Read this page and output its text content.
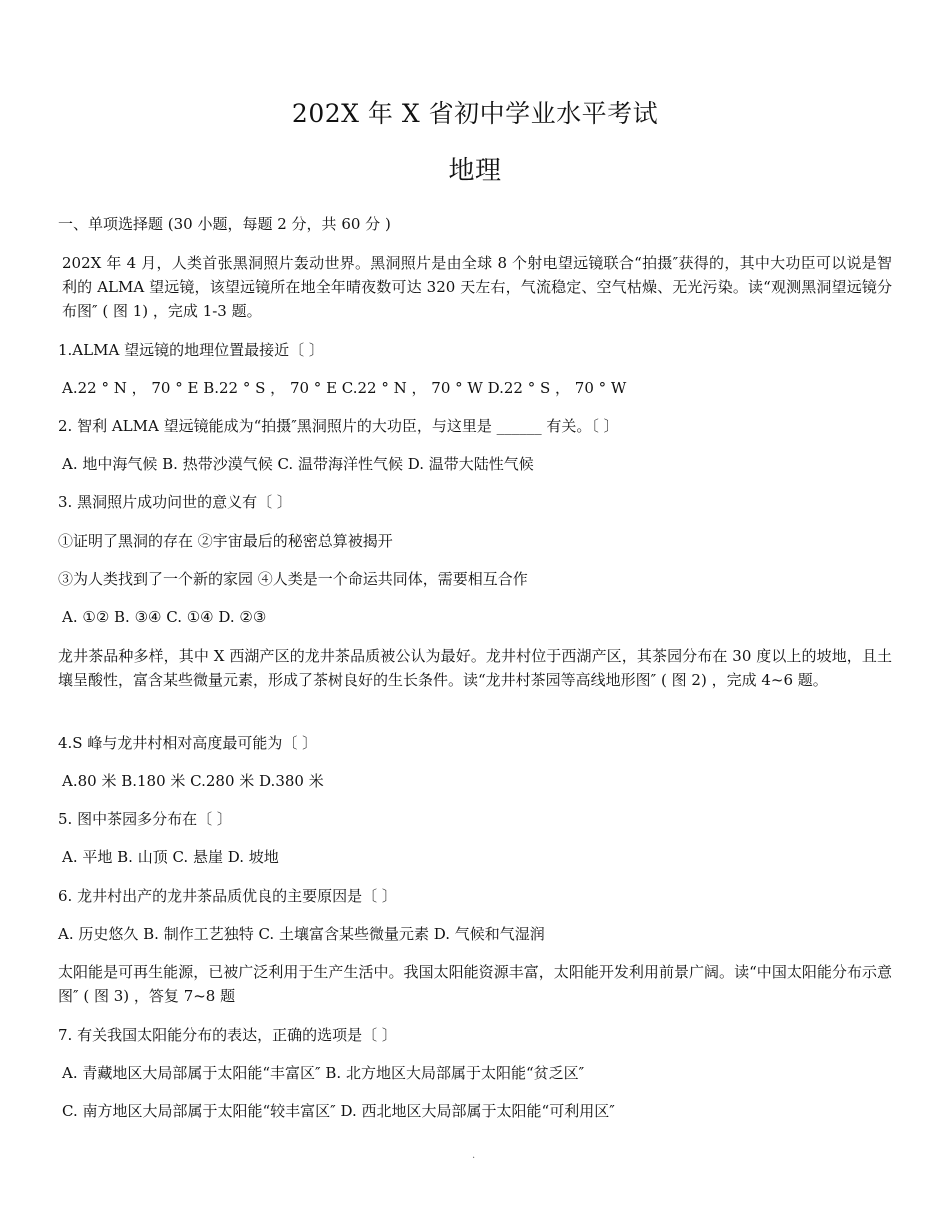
202X 年 X 省初中学业水平考试
地理
一、单项选择题 (30 小题，每题 2 分，共 60 分 )
202X 年 4 月，人类首张黑洞照片轰动世界。黑洞照片是由全球 8 个射电望远镜联合“拍摄″获得的，其中大功臣可以说是智利的 ALMA 望远镜，该望远镜所在地全年晴夜数可达 320 天左右，气流稳定、空气枯燥、无光污染。读“观测黑洞望远镜分布图″ ( 图 1) ，完成 1-3 题。
1.ALMA 望远镜的地理位置最接近〔 〕
A.22 ° N ， 70 ° E B.22 ° S ， 70 ° E C.22 ° N ， 70 ° W D.22 ° S ， 70 ° W
2. 智利 ALMA 望远镜能成为“拍摄″黑洞照片的大功臣，与这里是 ______ 有关。〔 〕
A. 地中海气候 B. 热带沙漠气候 C. 温带海洋性气候 D. 温带大陆性气候
3. 黑洞照片成功问世的意义有〔 〕
①证明了黑洞的存在 ②宇宙最后的秘密总算被揭开
③为人类找到了一个新的家园 ④人类是一个命运共同体，需要相互合作
A. ①② B. ③④ C. ①④ D. ②③
龙井茶品种多样，其中 X 西湖产区的龙井茶品质被公认为最好。龙井村位于西湖产区，其茶园分布在 30 度以上的坡地，且土壤呈酸性，富含某些微量元素，形成了茶树良好的生长条件。读“龙井村茶园等高线地形图″ ( 图 2) ，完成 4~6 题。
4.S 峰与龙井村相对高度最可能为〔 〕
A.80 米 B.180 米 C.280 米 D.380 米
5. 图中茶园多分布在〔 〕
A. 平地 B. 山顶 C. 悬崖 D. 坡地
6. 龙井村出产的龙井茶品质优良的主要原因是〔 〕
A. 历史悠久 B. 制作工艺独特 C. 土壤富含某些微量元素 D. 气候和气湿润
太阳能是可再生能源，已被广泛利用于生产生活中。我国太阳能资源丰富，太阳能开发利用前景广阔。读“中国太阳能分布示意图″ ( 图 3) ，答复 7~8 题
7. 有关我国太阳能分布的表达，正确的选项是〔 〕
A. 青藏地区大局部属于太阳能“丰富区″ B. 北方地区大局部属于太阳能“贫乏区″
C. 南方地区大局部属于太阳能“较丰富区″ D. 西北地区大局部属于太阳能“可利用区″
.
